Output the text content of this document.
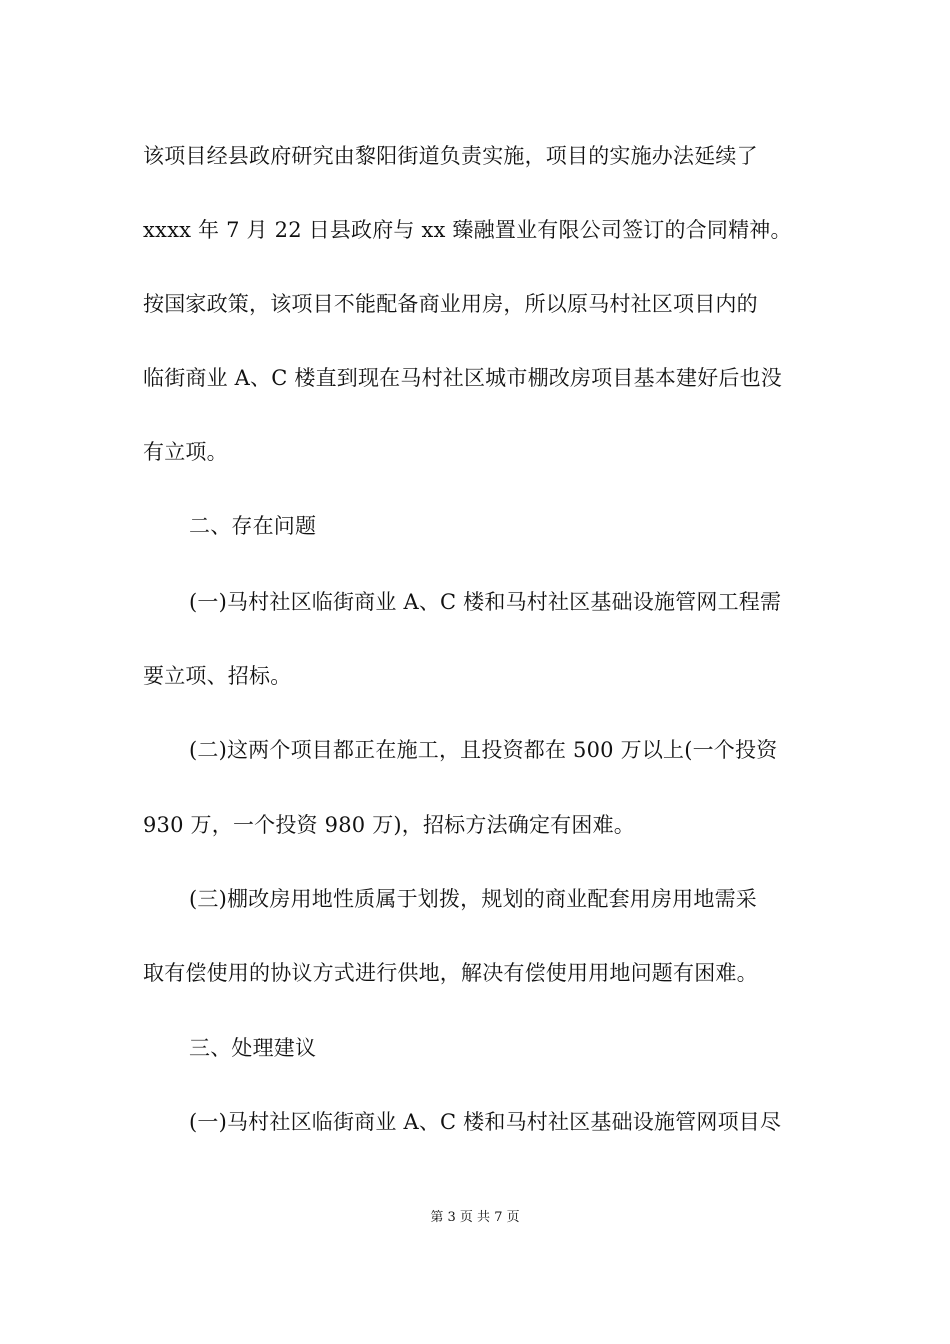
该项目经县政府研究由黎阳街道负责实施，项目的实施办法延续了
xxxx 年 7 月 22 日县政府与 xx 臻融置业有限公司签订的合同精神。
按国家政策，该项目不能配备商业用房，所以原马村社区项目内的
临街商业 A、C 楼直到现在马村社区城市棚改房项目基本建好后也没
有立项。
二、存在问题
(一)马村社区临街商业 A、C 楼和马村社区基础设施管网工程需
要立项、招标。
(二)这两个项目都正在施工，且投资都在 500 万以上(一个投资
930 万，一个投资 980 万)，招标方法确定有困难。
(三)棚改房用地性质属于划拨，规划的商业配套用房用地需采
取有偿使用的协议方式进行供地，解决有偿使用用地问题有困难。
三、处理建议
(一)马村社区临街商业 A、C 楼和马村社区基础设施管网项目尽
第 3 页 共 7 页
